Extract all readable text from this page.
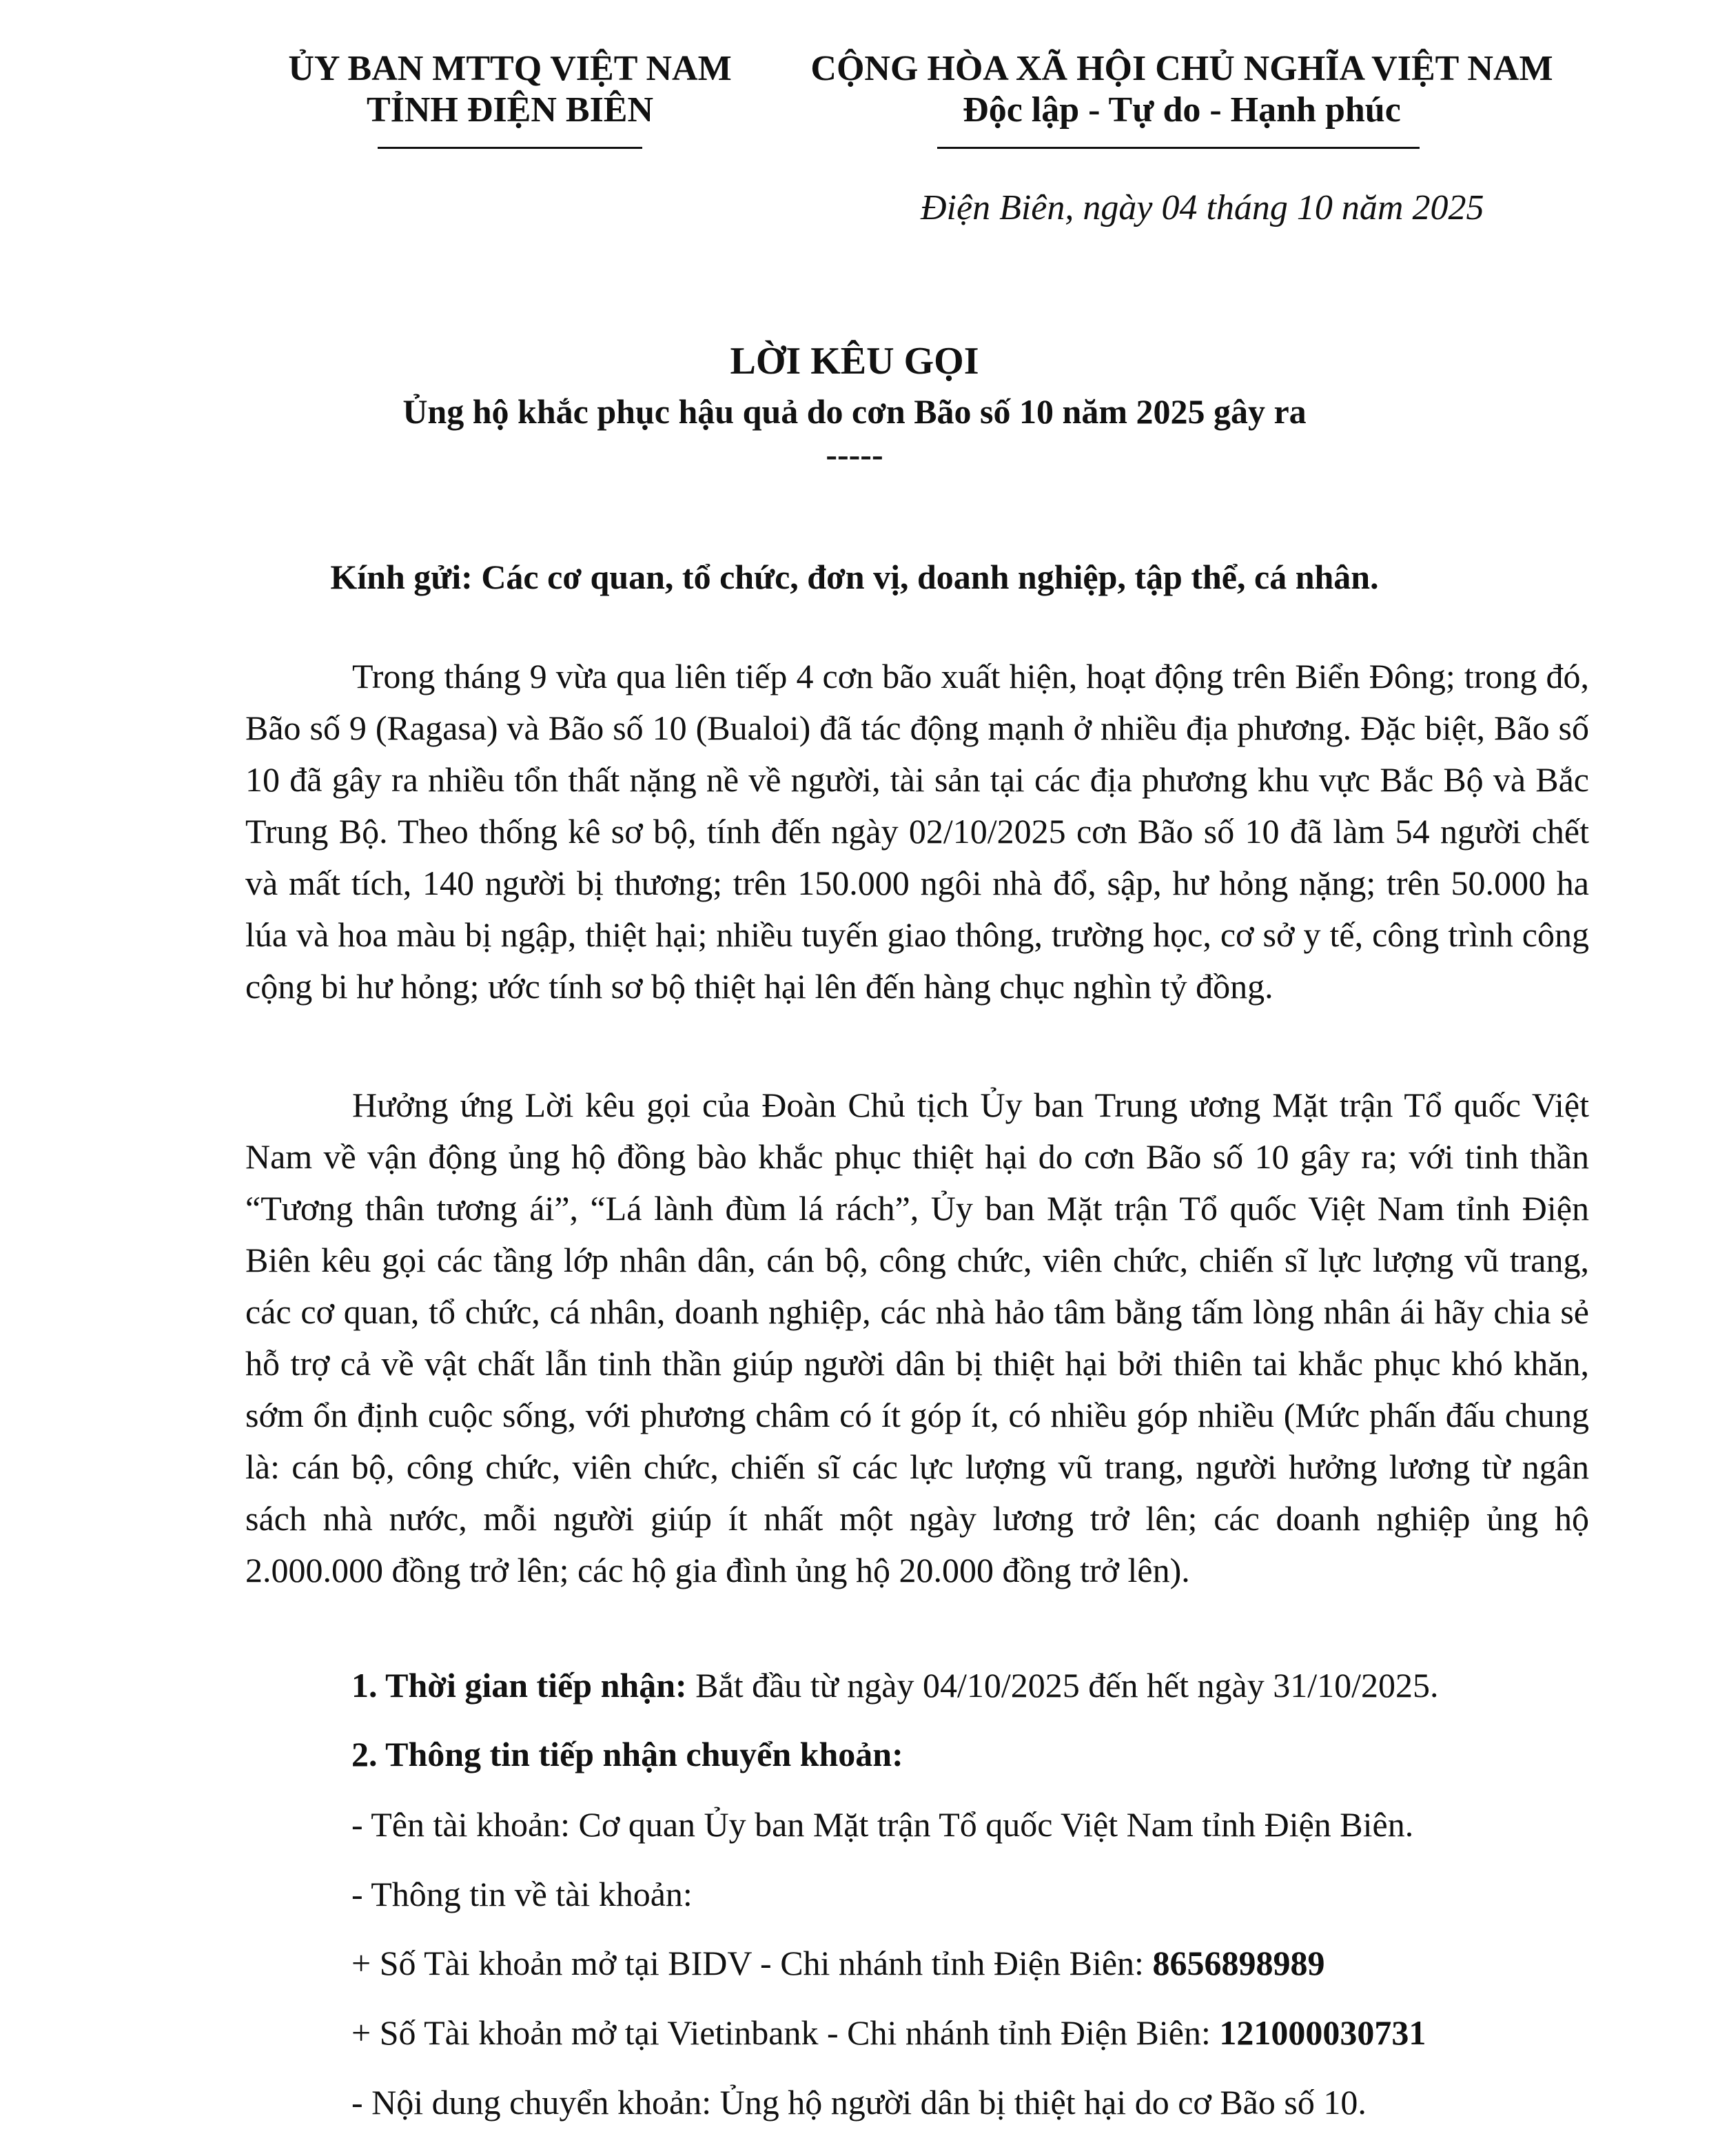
ỦY BAN MTTQ VIỆT NAM
TỈNH ĐIỆN BIÊN
CỘNG HÒA XÃ HỘI CHỦ NGHĨA VIỆT NAM
Độc lập - Tự do - Hạnh phúc
Điện Biên, ngày 04 tháng 10 năm 2025
LỜI KÊU GỌI
Ủng hộ khắc phục hậu quả do cơn Bão số 10 năm 2025 gây ra
-----
Kính gửi: Các cơ quan, tổ chức, đơn vị, doanh nghiệp, tập thể, cá nhân.
Trong tháng 9 vừa qua liên tiếp 4 cơn bão xuất hiện, hoạt động trên Biển Đông; trong đó, Bão số 9 (Ragasa) và Bão số 10 (Bualoi) đã tác động mạnh ở nhiều địa phương. Đặc biệt, Bão số 10 đã gây ra nhiều tổn thất nặng nề về người, tài sản tại các địa phương khu vực Bắc Bộ và Bắc Trung Bộ. Theo thống kê sơ bộ, tính đến ngày 02/10/2025 cơn Bão số 10 đã làm 54 người chết và mất tích, 140 người bị thương; trên 150.000 ngôi nhà đổ, sập, hư hỏng nặng; trên 50.000 ha lúa và hoa màu bị ngập, thiệt hại; nhiều tuyến giao thông, trường học, cơ sở y tế, công trình công cộng bi hư hỏng; ước tính sơ bộ thiệt hại lên đến hàng chục nghìn tỷ đồng.
Hưởng ứng Lời kêu gọi của Đoàn Chủ tịch Ủy ban Trung ương Mặt trận Tổ quốc Việt Nam về vận động ủng hộ đồng bào khắc phục thiệt hại do cơn Bão số 10 gây ra; với tinh thần “Tương thân tương ái”, “Lá lành đùm lá rách”, Ủy ban Mặt trận Tổ quốc Việt Nam tỉnh Điện Biên kêu gọi các tầng lớp nhân dân, cán bộ, công chức, viên chức, chiến sĩ lực lượng vũ trang, các cơ quan, tổ chức, cá nhân, doanh nghiệp, các nhà hảo tâm bằng tấm lòng nhân ái hãy chia sẻ hỗ trợ cả về vật chất lẫn tinh thần giúp người dân bị thiệt hại bởi thiên tai khắc phục khó khăn, sớm ổn định cuộc sống, với phương châm có ít góp ít, có nhiều góp nhiều (Mức phấn đấu chung là: cán bộ, công chức, viên chức, chiến sĩ các lực lượng vũ trang, người hưởng lương từ ngân sách nhà nước, mỗi người giúp ít nhất một ngày lương trở lên; các doanh nghiệp ủng hộ 2.000.000 đồng trở lên; các hộ gia đình ủng hộ 20.000 đồng trở lên).
1. Thời gian tiếp nhận: Bắt đầu từ ngày 04/10/2025 đến hết ngày 31/10/2025.
2. Thông tin tiếp nhận chuyển khoản:
- Tên tài khoản: Cơ quan Ủy ban Mặt trận Tổ quốc Việt Nam tỉnh Điện Biên.
- Thông tin về tài khoản:
+ Số Tài khoản mở tại BIDV - Chi nhánh tỉnh Điện Biên: 8656898989
+ Số Tài khoản mở tại Vietinbank - Chi nhánh tỉnh Điện Biên: 121000030731
- Nội dung chuyển khoản: Ủng hộ người dân bị thiệt hại do cơ Bão số 10.
